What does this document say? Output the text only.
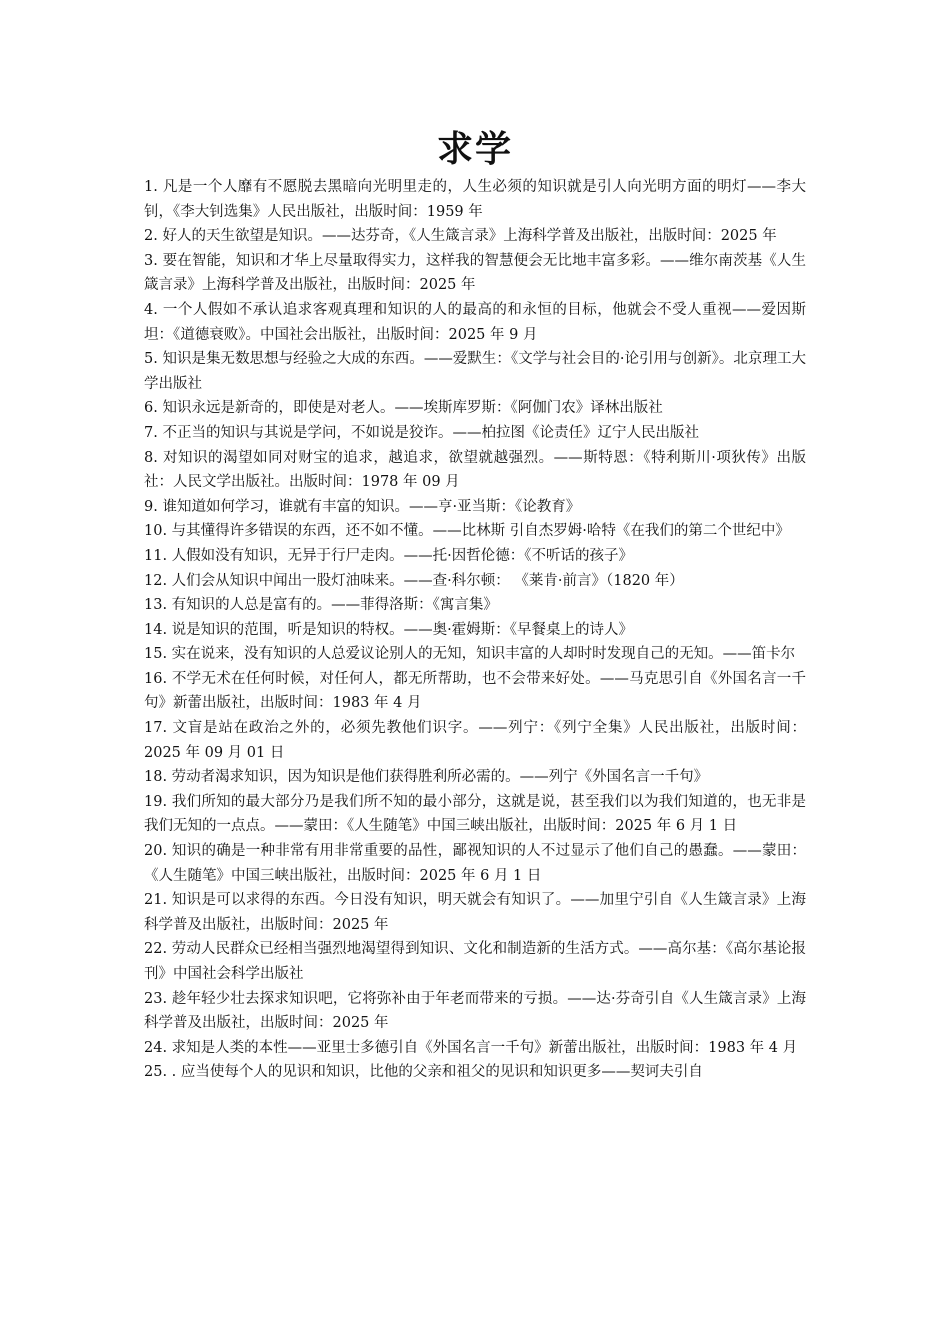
求学

1. 凡是一个人靡有不愿脱去黑暗向光明里走的，人生必须的知识就是引人向光明方面的明灯——李大钊，《李大钊选集》人民出版社，出版时间：1959 年

2. 好人的天生欲望是知识。——达芬奇，《人生箴言录》上海科学普及出版社，出版时间：2025 年

3. 要在智能，知识和才华上尽量取得实力，这样我的智慧便会无比地丰富多彩。——维尔南茨基《人生箴言录》上海科学普及出版社，出版时间：2025 年

4. 一个人假如不承认追求客观真理和知识的人的最高的和永恒的目标，他就会不受人重视——爱因斯坦：《道德衰败》。中国社会出版社，出版时间：2025 年 9 月

5. 知识是集无数思想与经验之大成的东西。——爱默生：《文学与社会目的·论引用与创新》。北京理工大学出版社

6. 知识永远是新奇的，即使是对老人。——埃斯库罗斯：《阿伽门农》译林出版社

7. 不正当的知识与其说是学问，不如说是狡诈。——柏拉图《论责任》辽宁人民出版社

8. 对知识的渴望如同对财宝的追求，越追求，欲望就越强烈。——斯特恩：《特利斯川·项狄传》出版社：人民文学出版社。出版时间：1978 年 09 月

9. 谁知道如何学习，谁就有丰富的知识。——亨·亚当斯：《论教育》

10. 与其懂得许多错误的东西，还不如不懂。——比林斯 引自杰罗姆·哈特《在我们的第二个世纪中》

11. 人假如没有知识，无异于行尸走肉。——托·因哲伦德：《不听话的孩子》

12. 人们会从知识中闻出一股灯油味来。——查·科尔顿： 《莱肯·前言》（1820 年）

13. 有知识的人总是富有的。——菲得洛斯：《寓言集》

14. 说是知识的范围，听是知识的特权。——奥·霍姆斯：《早餐桌上的诗人》

15. 实在说来，没有知识的人总爱议论别人的无知，知识丰富的人却时时发现自己的无知。——笛卡尔

16. 不学无术在任何时候，对任何人，都无所帮助，也不会带来好处。——马克思引自《外国名言一千句》新蕾出版社，出版时间：1983 年 4 月

17. 文盲是站在政治之外的，必须先教他们识字。——列宁：《列宁全集》人民出版社，出版时间：2025 年 09 月 01 日

18. 劳动者渴求知识，因为知识是他们获得胜利所必需的。——列宁《外国名言一千句》

19. 我们所知的最大部分乃是我们所不知的最小部分，这就是说，甚至我们以为我们知道的，也无非是我们无知的一点点。——蒙田：《人生随笔》中国三峡出版社，出版时间：2025 年 6 月 1 日

20. 知识的确是一种非常有用非常重要的品性，鄙视知识的人不过显示了他们自己的愚蠢。——蒙田：《人生随笔》中国三峡出版社，出版时间：2025 年 6 月 1 日

21. 知识是可以求得的东西。今日没有知识，明天就会有知识了。——加里宁引自《人生箴言录》上海科学普及出版社，出版时间：2025 年

22. 劳动人民群众已经相当强烈地渴望得到知识、文化和制造新的生活方式。——高尔基：《高尔基论报刊》中国社会科学出版社

23. 趁年轻少壮去探求知识吧，它将弥补由于年老而带来的亏损。——达·芬奇引自《人生箴言录》上海科学普及出版社，出版时间：2025 年

24. 求知是人类的本性——亚里士多德引自《外国名言一千句》新蕾出版社，出版时间：1983 年 4 月

25. . 应当使每个人的见识和知识，比他的父亲和祖父的见识和知识更多——契诃夫引自
